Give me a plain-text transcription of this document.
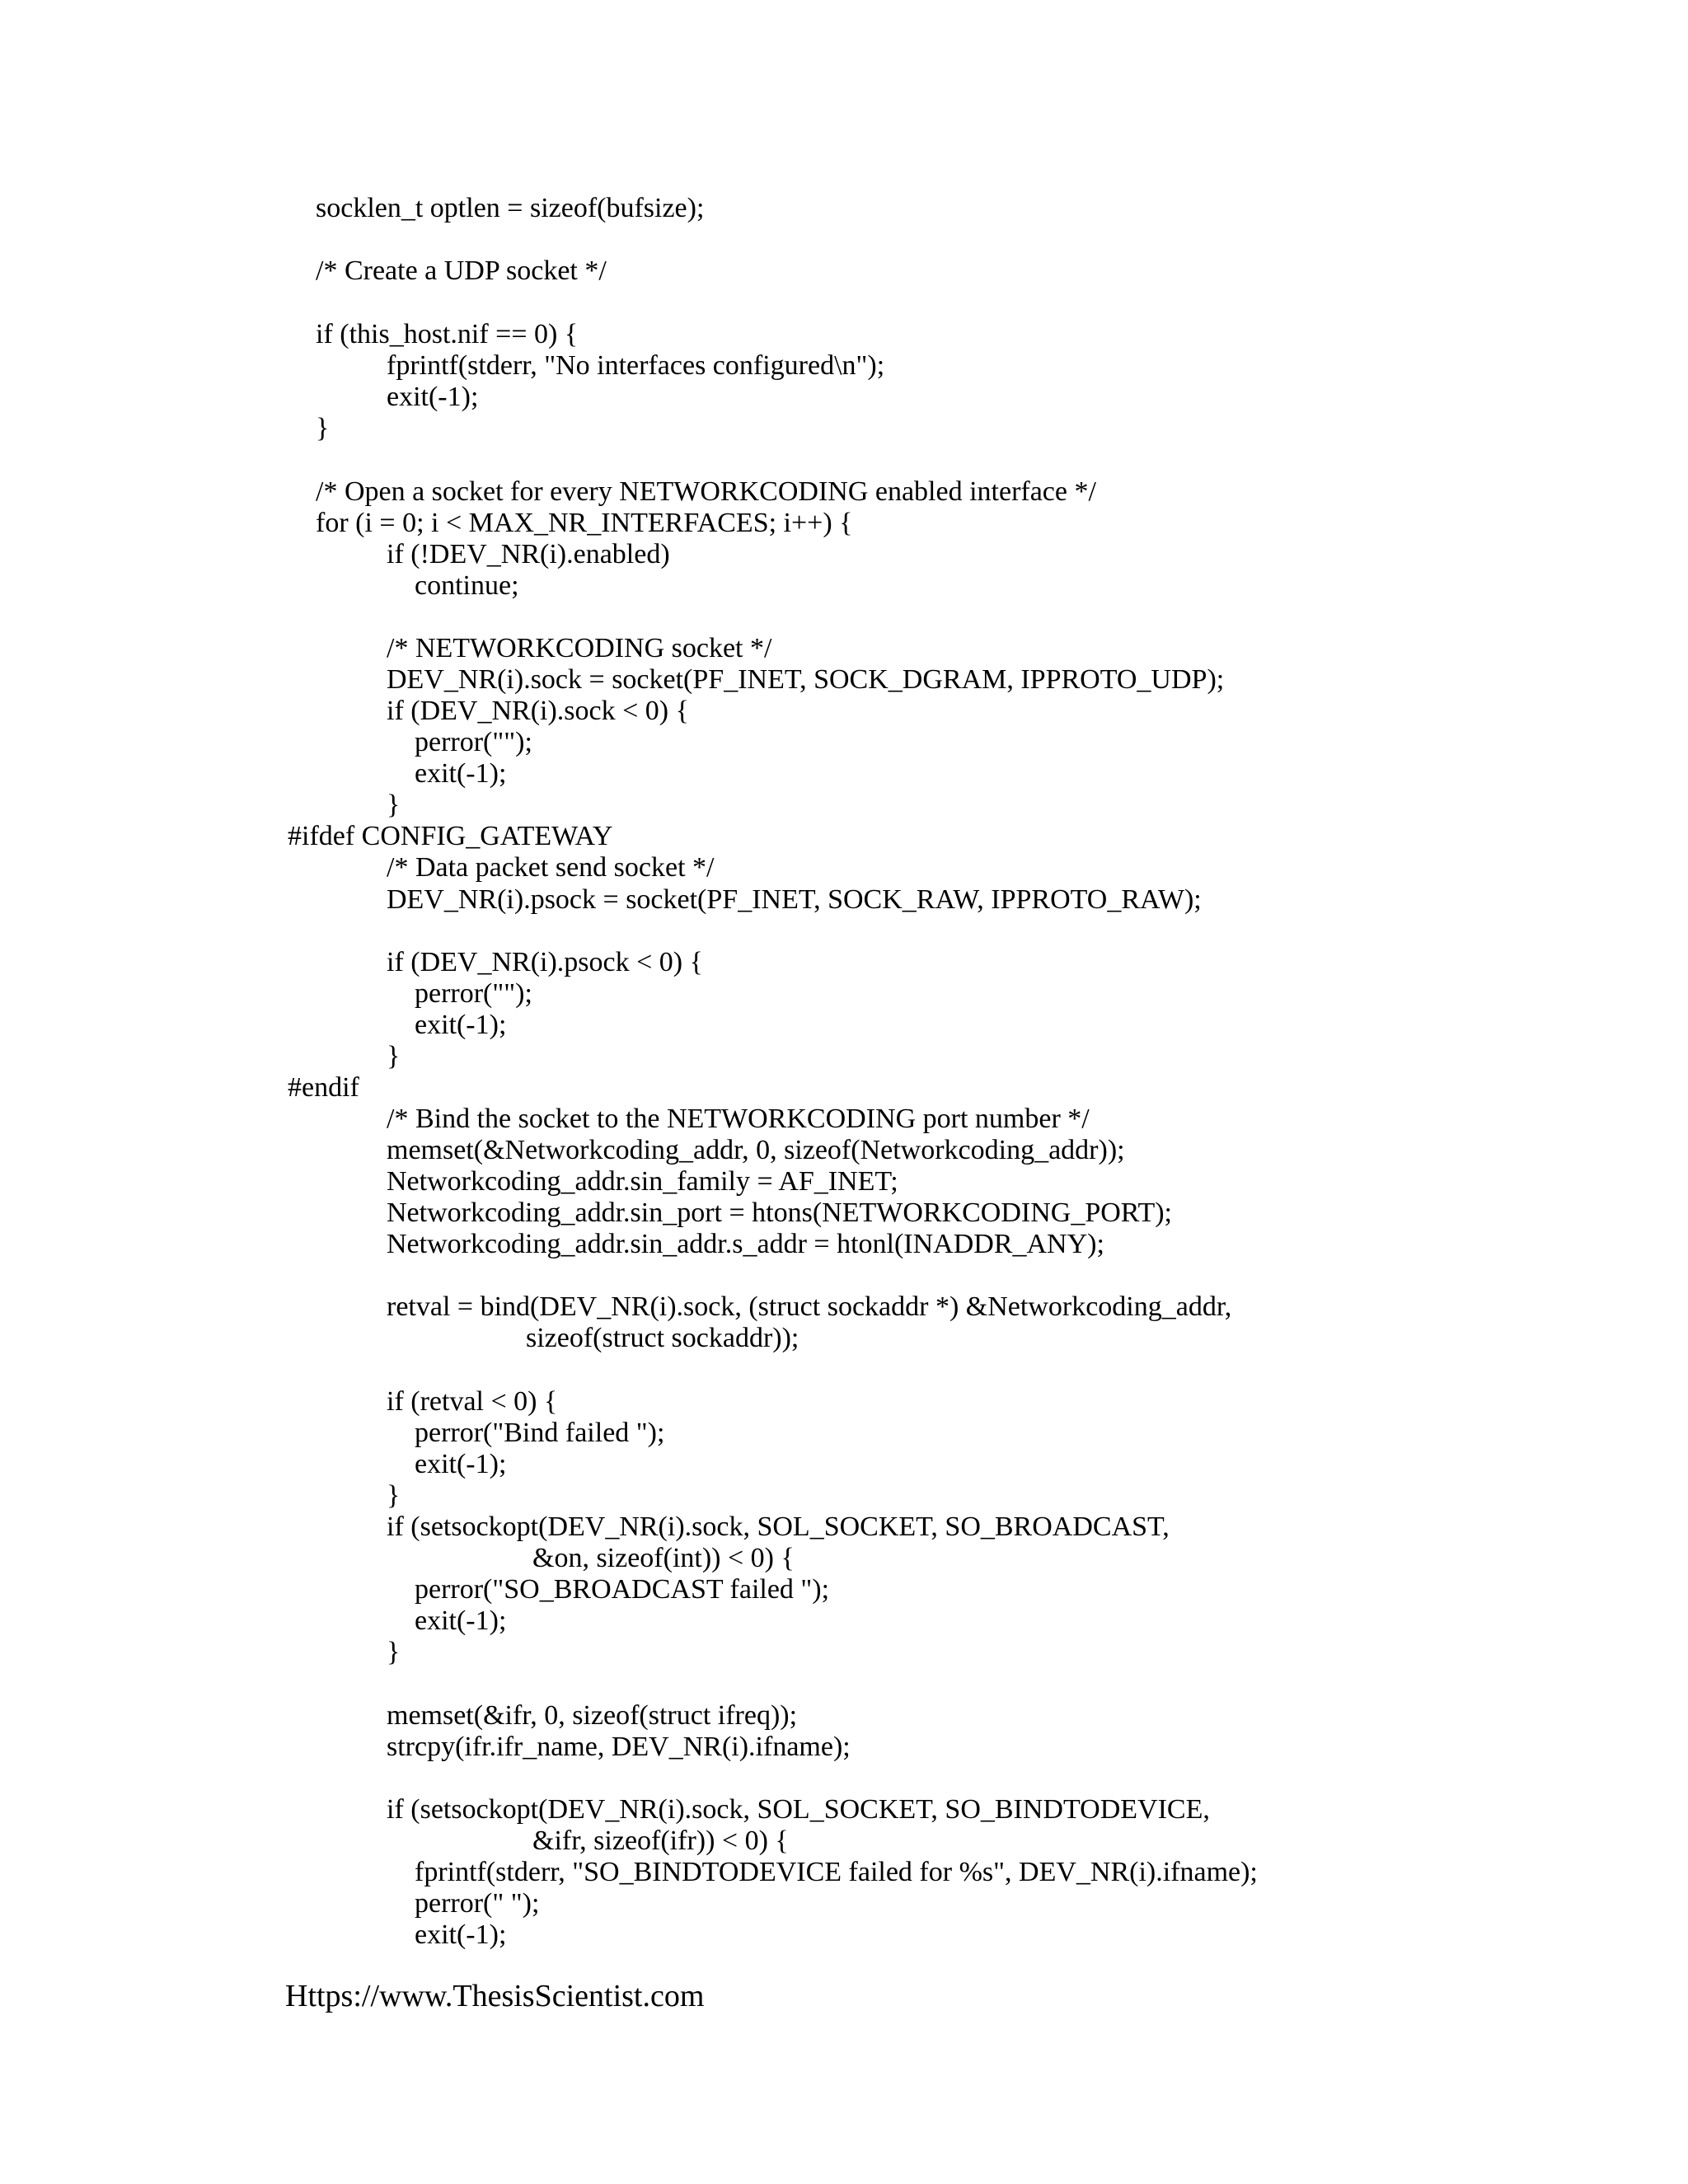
socklen_t optlen = sizeof(bufsize);

/* Create a UDP socket */

if (this_host.nif == 0) {

fprintf(stderr, "No interfaces configured\n");

exit(-1);

}

/* Open a socket for every NETWORKCODING enabled interface */

for (i = 0; i < MAX_NR_INTERFACES; i++) {

if (!DEV_NR(i).enabled)

continue;

/* NETWORKCODING socket */

DEV_NR(i).sock = socket(PF_INET, SOCK_DGRAM, IPPROTO_UDP);

if (DEV_NR(i).sock < 0) {

perror("");

exit(-1);

}

#ifdef CONFIG_GATEWAY

/* Data packet send socket */

DEV_NR(i).psock = socket(PF_INET, SOCK_RAW, IPPROTO_RAW);

if (DEV_NR(i).psock < 0) {

perror("");

exit(-1);

}

#endif

/* Bind the socket to the NETWORKCODING port number */

memset(&Networkcoding_addr, 0, sizeof(Networkcoding_addr));

Networkcoding_addr.sin_family = AF_INET;

Networkcoding_addr.sin_port = htons(NETWORKCODING_PORT);

Networkcoding_addr.sin_addr.s_addr = htonl(INADDR_ANY);

retval = bind(DEV_NR(i).sock, (struct sockaddr *) &Networkcoding_addr,

sizeof(struct sockaddr));

if (retval < 0) {

perror("Bind failed ");

exit(-1);

}

if (setsockopt(DEV_NR(i).sock, SOL_SOCKET, SO_BROADCAST,

&on, sizeof(int)) < 0) {

perror("SO_BROADCAST failed ");

exit(-1);

}

memset(&ifr, 0, sizeof(struct ifreq));

strcpy(ifr.ifr_name, DEV_NR(i).ifname);

if (setsockopt(DEV_NR(i).sock, SOL_SOCKET, SO_BINDTODEVICE,

&ifr, sizeof(ifr)) < 0) {

fprintf(stderr, "SO_BINDTODEVICE failed for %s", DEV_NR(i).ifname);

perror(" ");

exit(-1);

Https://www.ThesisScientist.com
